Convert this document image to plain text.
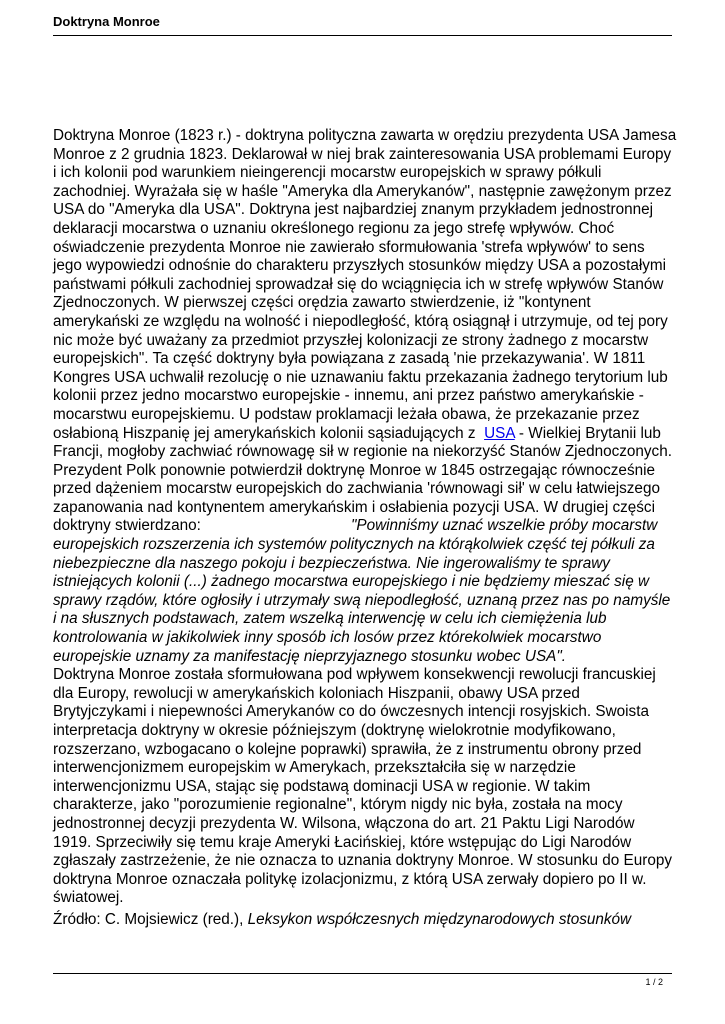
Doktryna Monroe

Doktryna Monroe (1823 r.) - doktryna polityczna zawarta w orędziu prezydenta USA Jamesa Monroe z 2 grudnia 1823. Deklarował w niej brak zainteresowania USA problemami Europy i ich kolonii pod warunkiem nieingerencji mocarstw europejskich w sprawy półkuli zachodniej. Wyrażała się w haśle "Ameryka dla Amerykanów", następnie zawężonym przez USA do "Ameryka dla USA". Doktryna jest najbardziej znanym przykładem jednostronnej deklaracji mocarstwa o uznaniu określonego regionu za jego strefę wpływów. Choć oświadczenie prezydenta Monroe nie zawierało sformułowania 'strefa wpływów' to sens jego wypowiedzi odnośnie do charakteru przyszłych stosunków między USA a pozostałymi państwami półkuli zachodniej sprowadzał się do wciągnięcia ich w strefę wpływów Stanów Zjednoczonych. W pierwszej części orędzia zawarto stwierdzenie, iż "kontynent amerykański ze względu na wolność i niepodległość, którą osiągnął i utrzymuje, od tej pory nic może być uważany za przedmiot przyszłej kolonizacji ze strony żadnego z mocarstw europejskich". Ta część doktryny była powiązana z zasadą 'nie przekazywania'. W 1811 Kongres USA uchwalił rezolucję o nie uznawaniu faktu przekazania żadnego terytorium lub kolonii przez jedno mocarstwo europejskie - innemu, ani przez państwo amerykańskie - mocarstwu europejskiemu. U podstaw proklamacji leżała obawa, że przekazanie przez osłabioną Hiszpanię jej amerykańskich kolonii sąsiadujących z USA - Wielkiej Brytanii lub Francji, mogłoby zachwiać równowagę sił w regionie na niekorzyść Stanów Zjednoczonych. Prezydent Polk ponownie potwierdził doktrynę Monroe w 1845 ostrzegając równocześnie przed dążeniem mocarstw europejskich do zachwiania 'równowagi sił' w celu łatwiejszego zapanowania nad kontynentem amerykańskim i osłabienia pozycji USA. W drugiej części doktryny stwierdzano:	"Powinniśmy uznać wszelkie próby mocarstw europejskich rozszerzenia ich systemów politycznych na którąkolwiek część tej półkuli za niebezpieczne dla naszego pokoju i bezpieczeństwa. Nie ingerowaliśmy te sprawy istniejących kolonii (...) żadnego mocarstwa europejskiego i nie będziemy mieszać się w sprawy rządów, które ogłosiły i utrzymały swą niepodległość, uznaną przez nas po namyśle i na słusznych podstawach, zatem wszelką interwencję w celu ich ciemiężenia lub kontrolowania w jakikolwiek inny sposób ich losów przez którekolwiek mocarstwo europejskie uznamy za manifestację nieprzyjaznego stosunku wobec USA".

Doktryna Monroe została sformułowana pod wpływem konsekwencji rewolucji francuskiej dla Europy, rewolucji w amerykańskich koloniach Hiszpanii, obawy USA przed Brytyjczykami i niepewności Amerykanów co do ówczesnych intencji rosyjskich. Swoista interpretacja doktryny w okresie późniejszym (doktrynę wielokrotnie modyfikowano, rozszerzano, wzbogacano o kolejne poprawki) sprawiła, że z instrumentu obrony przed interwencjonizmem europejskim w Amerykach, przekształciła się w narzędzie interwencjonizmu USA, stając się podstawą dominacji USA w regionie. W takim charakterze, jako "porozumienie regionalne", którym nigdy nic była, została na mocy jednostronnej decyzji prezydenta W. Wilsona, włączona do art. 21 Paktu Ligi Narodów 1919. Sprzeciwiły się temu kraje Ameryki Łacińskiej, które wstępując do Ligi Narodów zgłaszały zastrzeżenie, że nie oznacza to uznania doktryny Monroe. W stosunku do Europy doktryna Monroe oznaczała politykę izolacjonizmu, z którą USA zerwały dopiero po II w. światowej.

Źródło: C. Mojsiewicz (red.), Leksykon współczesnych międzynarodowych stosunków
1 / 2
